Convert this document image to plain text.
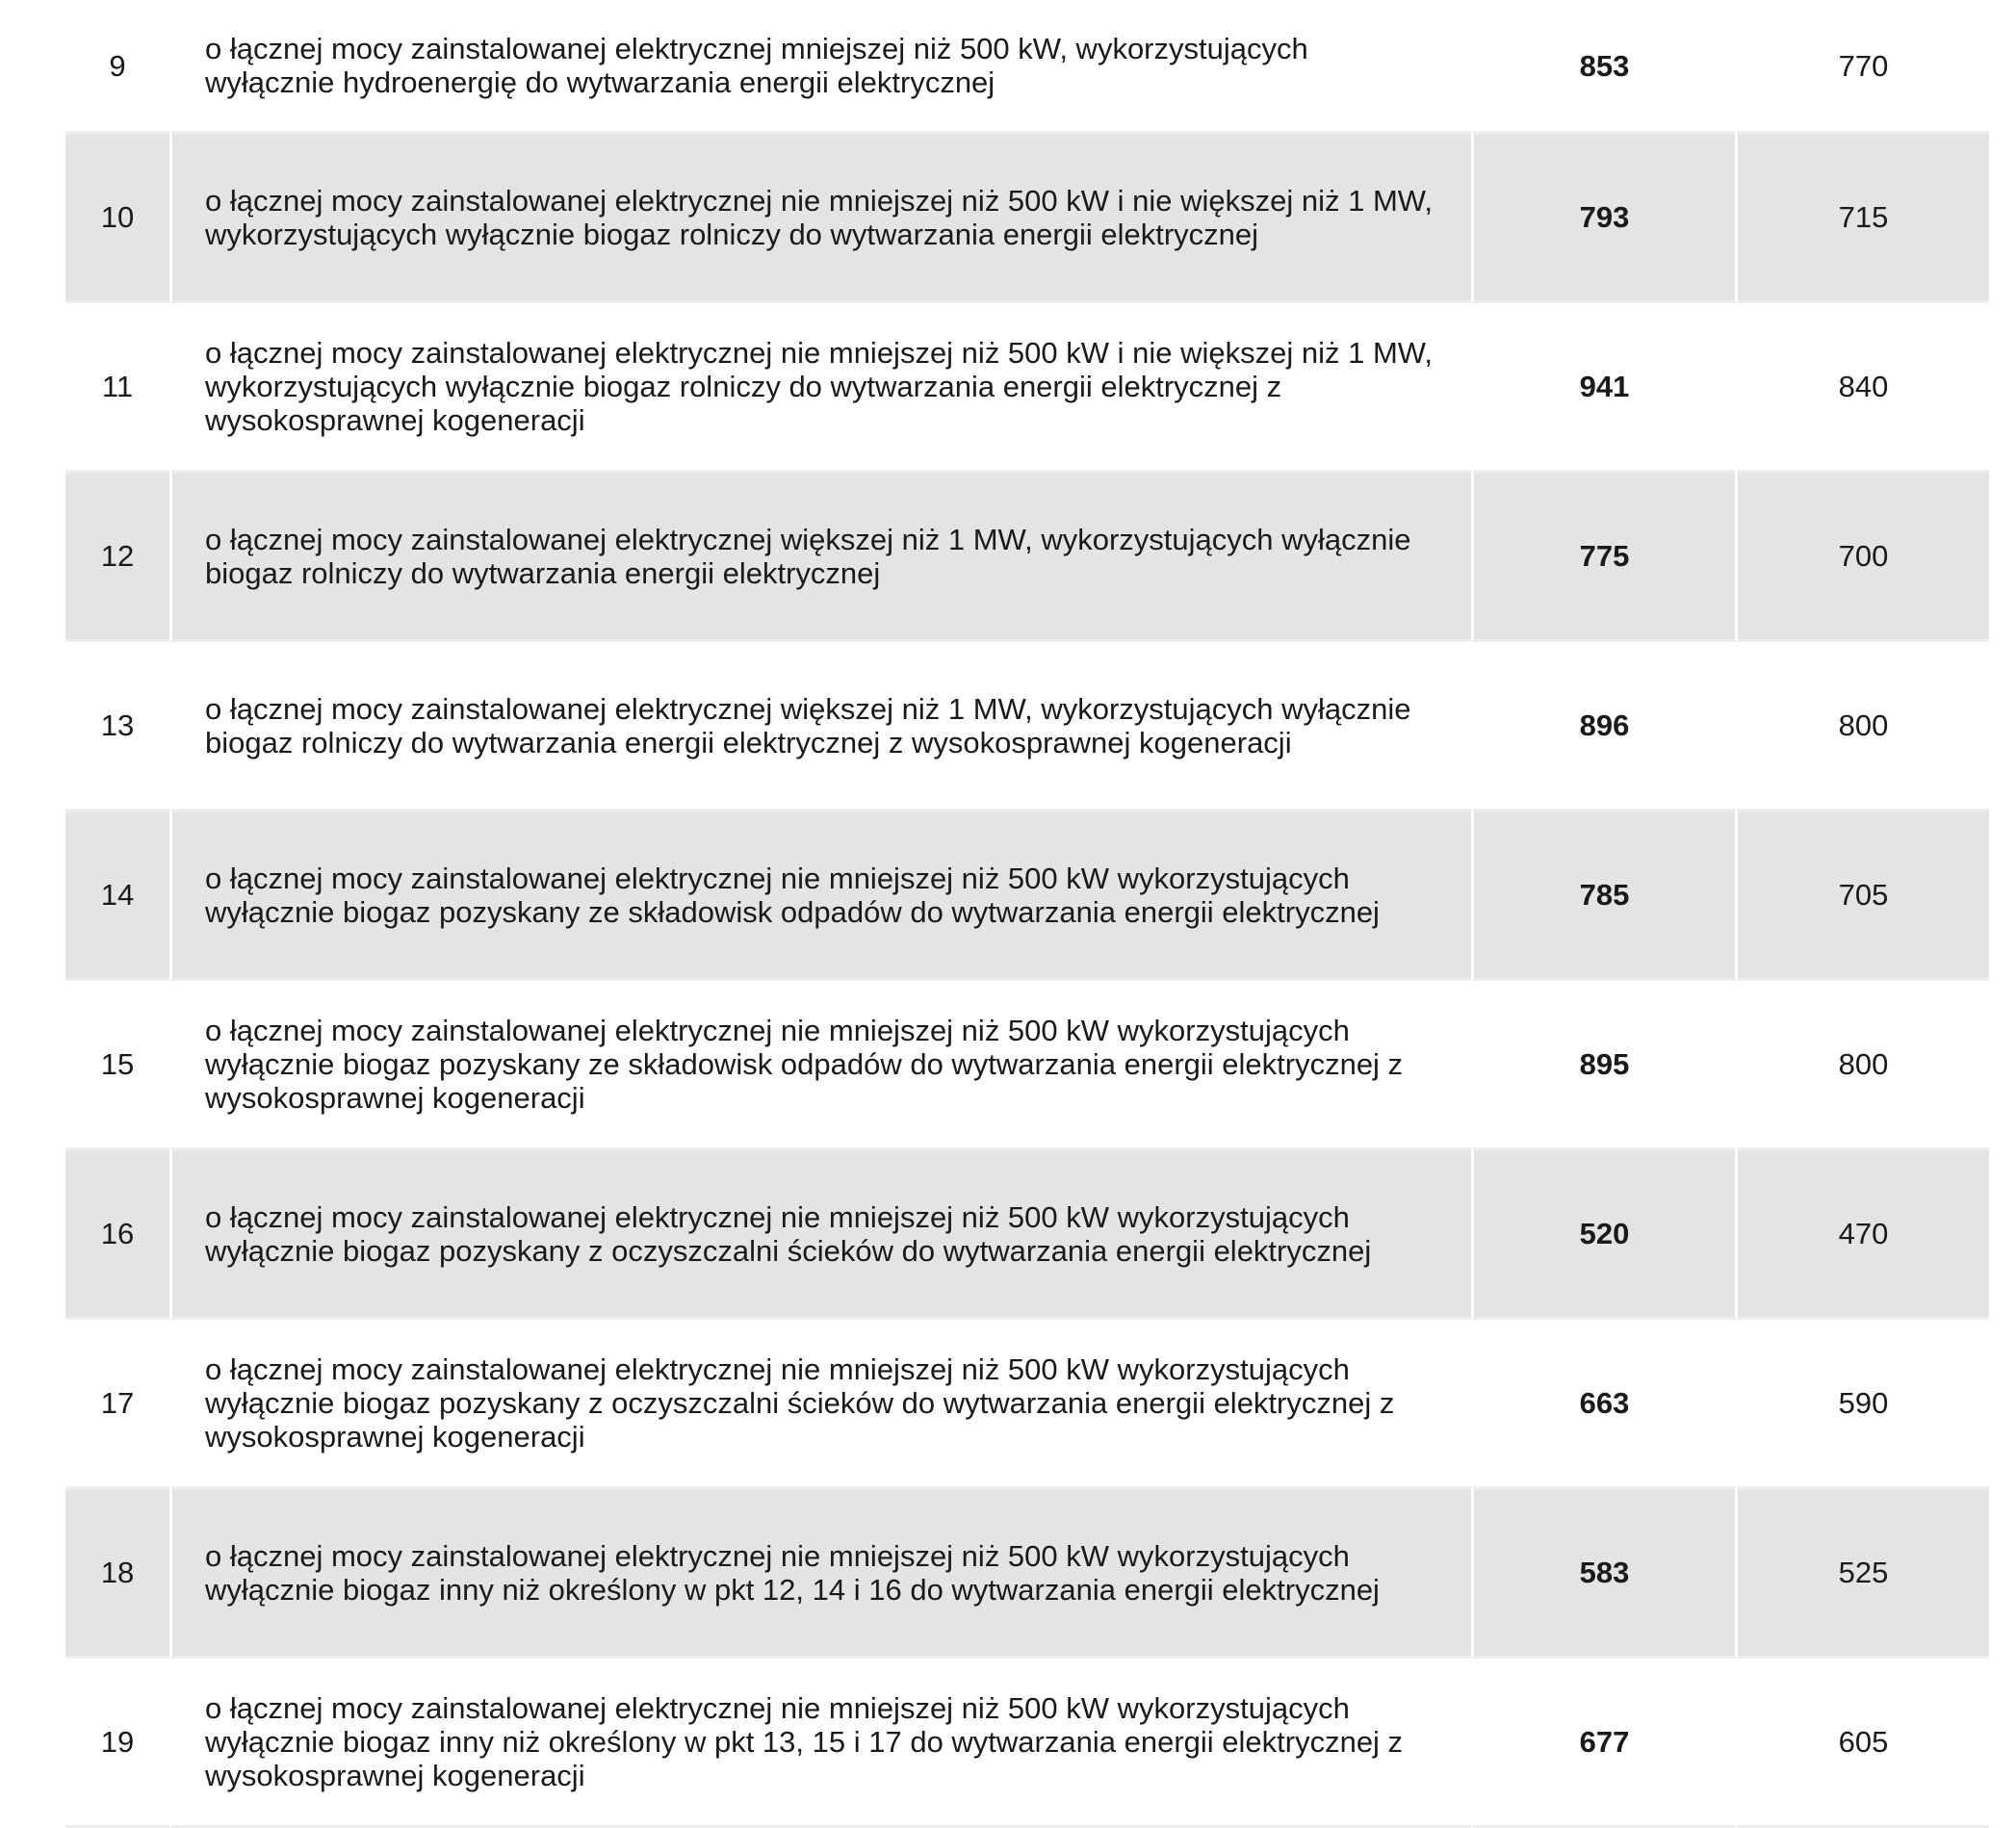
9	o łącznej mocy zainstalowanej elektrycznej mniejszej niż 500 kW, wykorzystujących wyłącznie hydroenergię do wytwarzania energii elektrycznej	853	770
10	o łącznej mocy zainstalowanej elektrycznej nie mniejszej niż 500 kW i nie większej niż 1 MW, wykorzystujących wyłącznie biogaz rolniczy do wytwarzania energii elektrycznej	793	715
11	o łącznej mocy zainstalowanej elektrycznej nie mniejszej niż 500 kW i nie większej niż 1 MW, wykorzystujących wyłącznie biogaz rolniczy do wytwarzania energii elektrycznej z wysokosprawnej kogeneracji	941	840
12	o łącznej mocy zainstalowanej elektrycznej większej niż 1 MW, wykorzystujących wyłącznie biogaz rolniczy do wytwarzania energii elektrycznej	775	700
13	o łącznej mocy zainstalowanej elektrycznej większej niż 1 MW, wykorzystujących wyłącznie biogaz rolniczy do wytwarzania energii elektrycznej z wysokosprawnej kogeneracji	896	800
14	o łącznej mocy zainstalowanej elektrycznej nie mniejszej niż 500 kW wykorzystujących wyłącznie biogaz pozyskany ze składowisk odpadów do wytwarzania energii elektrycznej	785	705
15	o łącznej mocy zainstalowanej elektrycznej nie mniejszej niż 500 kW wykorzystujących wyłącznie biogaz pozyskany ze składowisk odpadów do wytwarzania energii elektrycznej z wysokosprawnej kogeneracji	895	800
16	o łącznej mocy zainstalowanej elektrycznej nie mniejszej niż 500 kW wykorzystujących wyłącznie biogaz pozyskany z oczyszczalni ścieków do wytwarzania energii elektrycznej	520	470
17	o łącznej mocy zainstalowanej elektrycznej nie mniejszej niż 500 kW wykorzystujących wyłącznie biogaz pozyskany z oczyszczalni ścieków do wytwarzania energii elektrycznej z wysokosprawnej kogeneracji	663	590
18	o łącznej mocy zainstalowanej elektrycznej nie mniejszej niż 500 kW wykorzystujących wyłącznie biogaz inny niż określony w pkt 12, 14 i 16 do wytwarzania energii elektrycznej	583	525
19	o łącznej mocy zainstalowanej elektrycznej nie mniejszej niż 500 kW wykorzystujących wyłącznie biogaz inny niż określony w pkt 13, 15 i 17 do wytwarzania energii elektrycznej z wysokosprawnej kogeneracji	677	605
